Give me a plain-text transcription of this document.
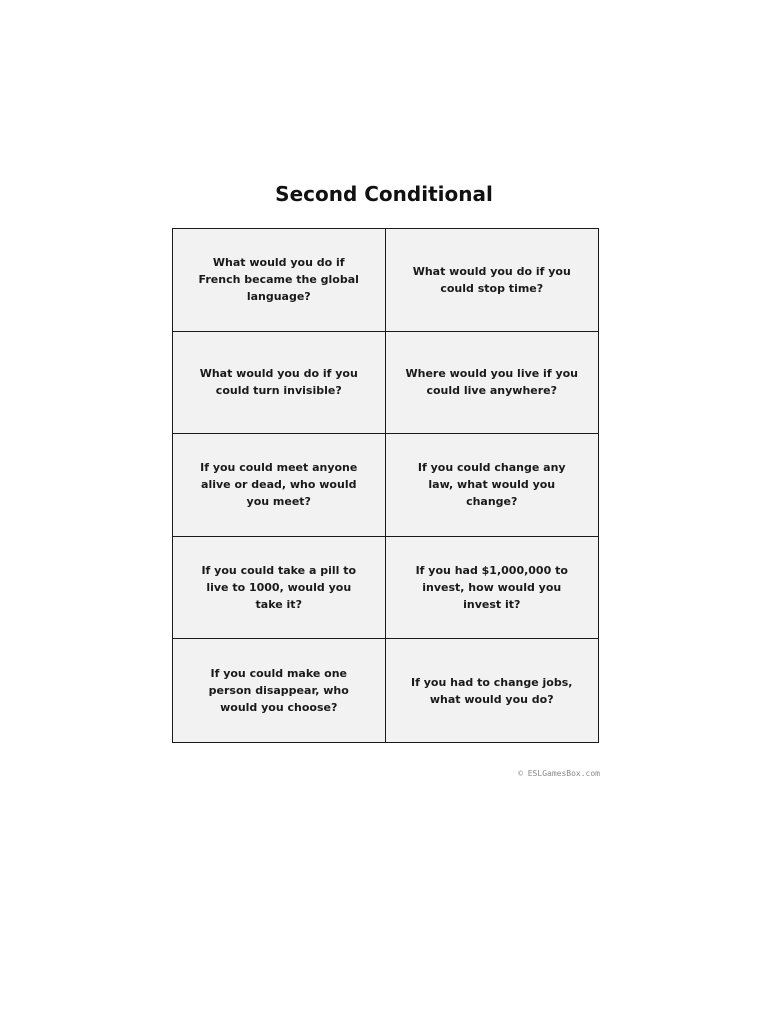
Second Conditional
What would you do if French became the global language?
What would you do if you could stop time?
What would you do if you could turn invisible?
Where would you live if you could live anywhere?
If you could meet anyone alive or dead, who would you meet?
If you could change any law, what would you change?
If you could take a pill to live to 1000, would you take it?
If you had $1,000,000 to invest, how would you invest it?
If you could make one person disappear, who would you choose?
If you had to change jobs, what would you do?
© ESLGamesBox.com
